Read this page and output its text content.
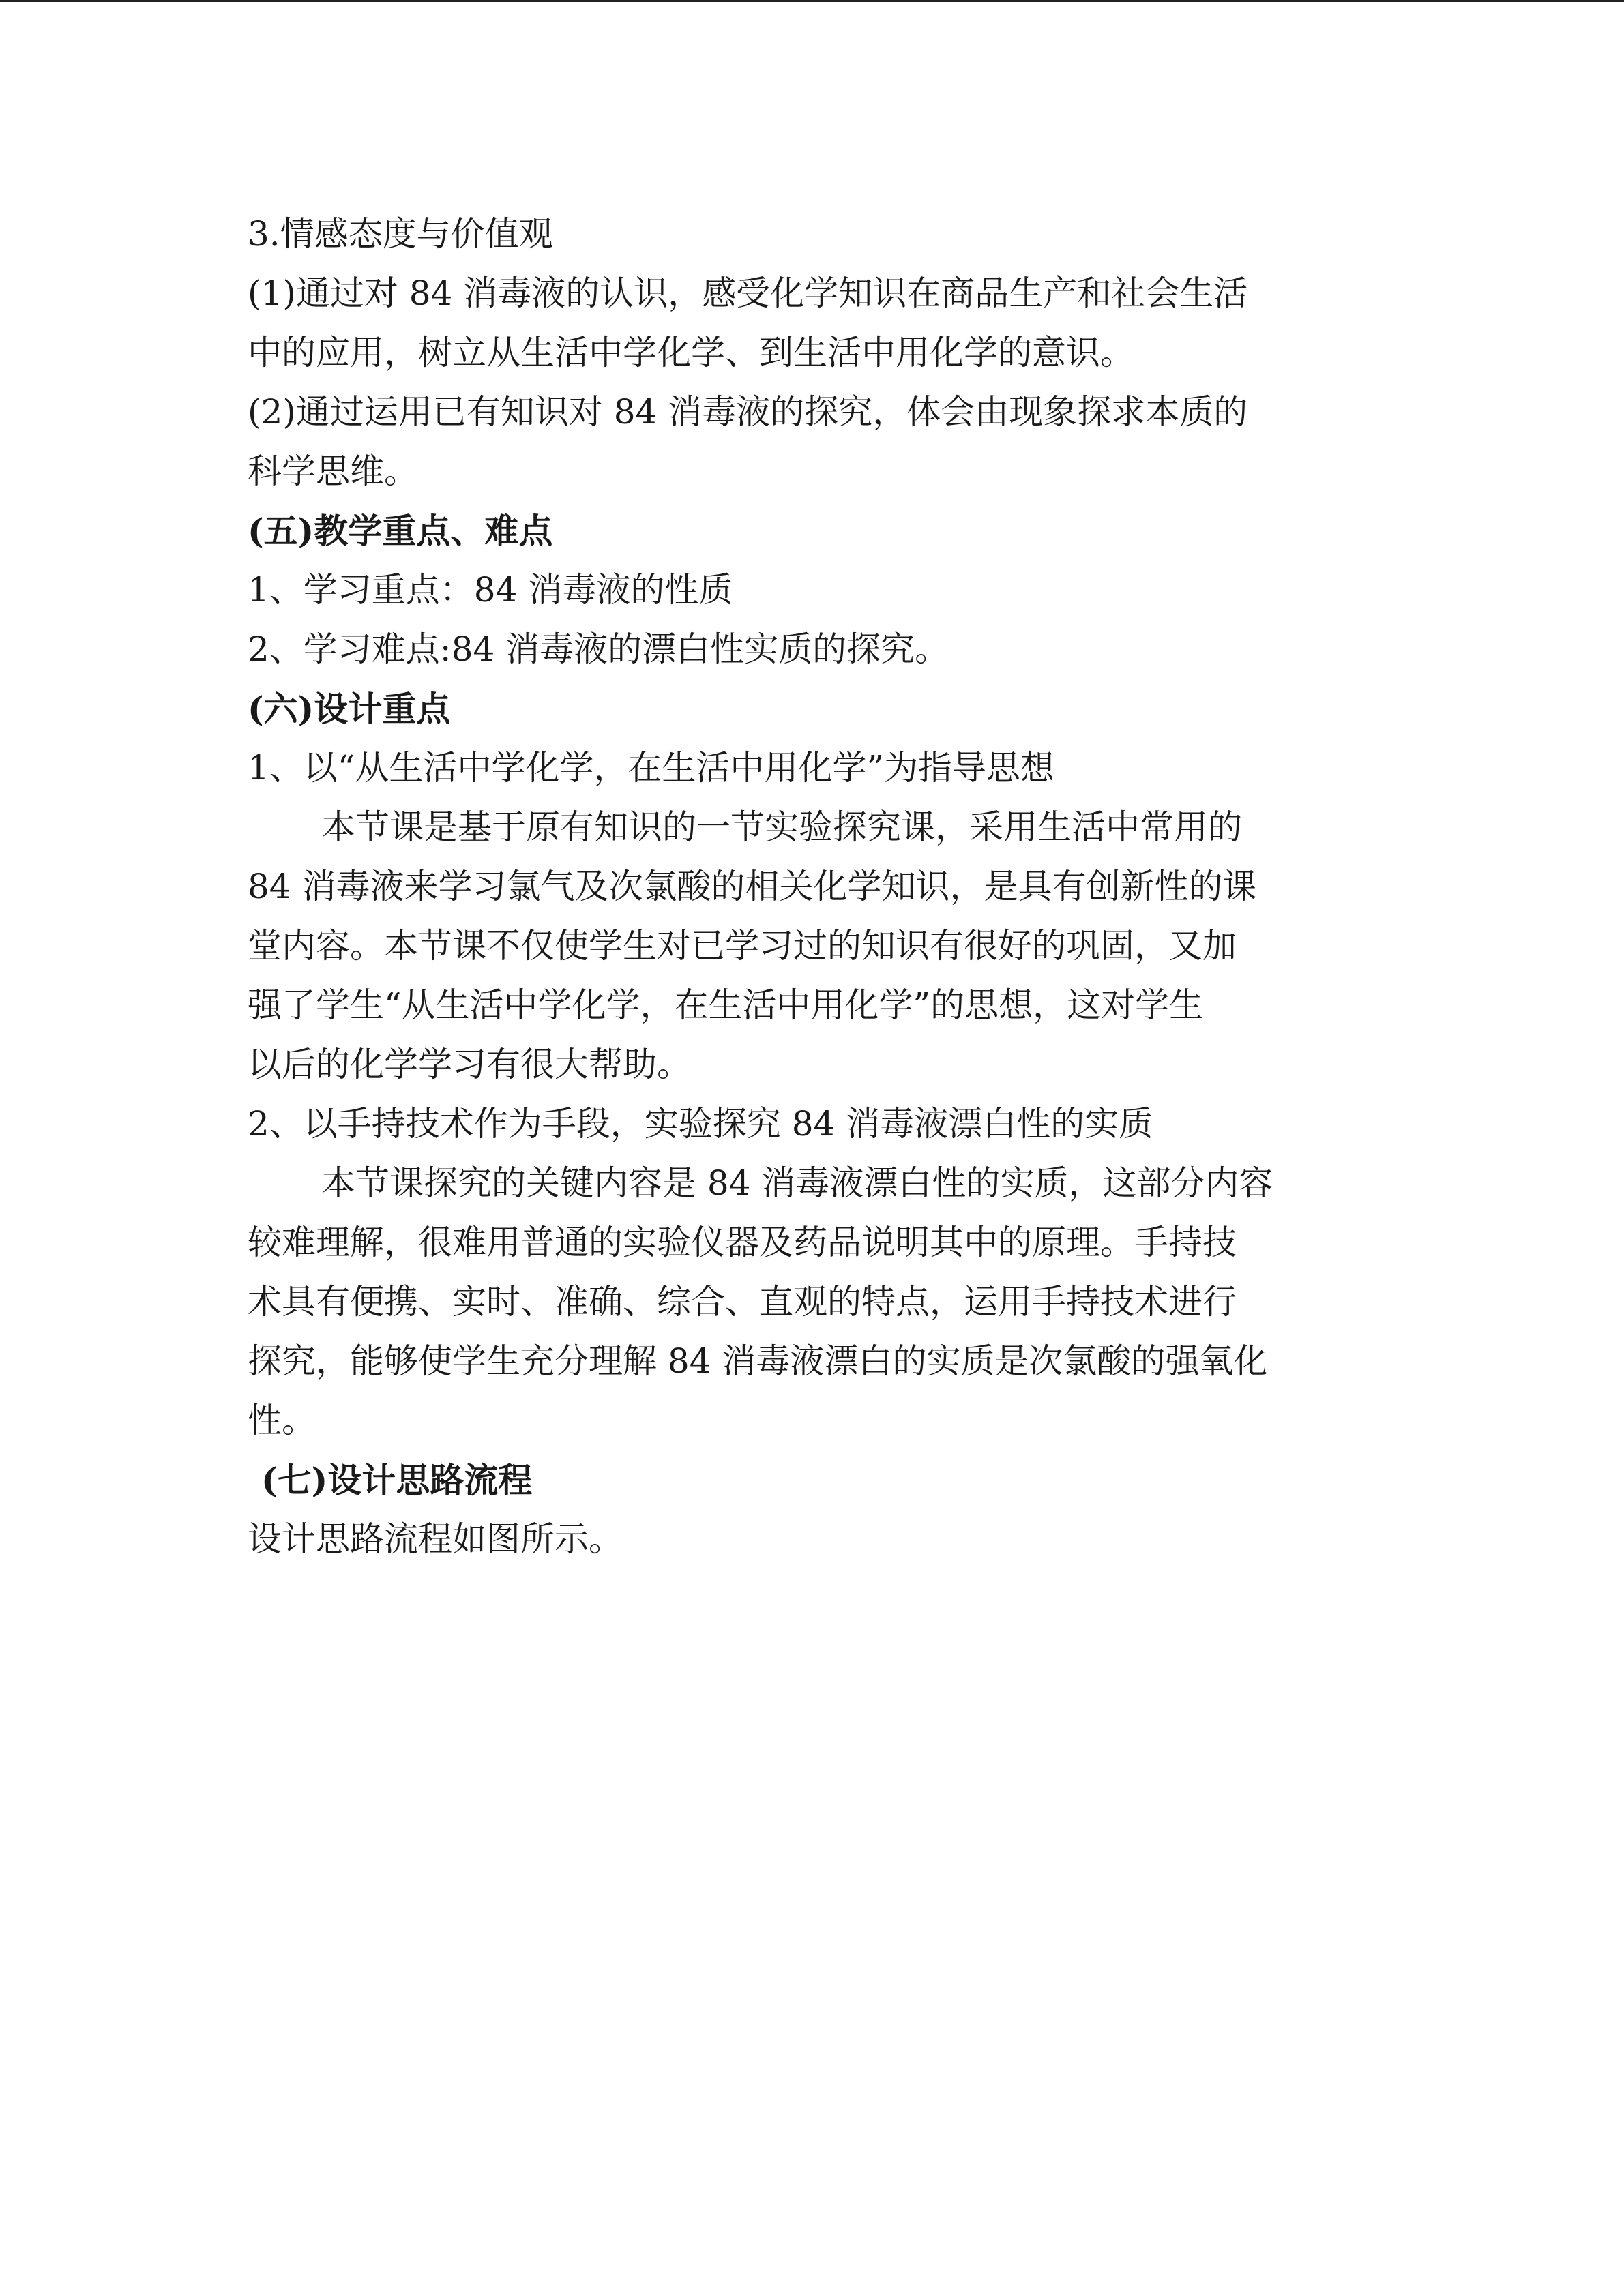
3.情感态度与价值观
(1)通过对 84 消毒液的认识，感受化学知识在商品生产和社会生活
中的应用，树立从生活中学化学、到生活中用化学的意识。
(2)通过运用已有知识对 84 消毒液的探究，体会由现象探求本质的
科学思维。
(五)教学重点、难点
1、学习重点：84 消毒液的性质
2、学习难点:84 消毒液的漂白性实质的探究。
(六)设计重点
1、以“从生活中学化学，在生活中用化学”为指导思想
本节课是基于原有知识的一节实验探究课，采用生活中常用的
84 消毒液来学习氯气及次氯酸的相关化学知识，是具有创新性的课
堂内容。本节课不仅使学生对已学习过的知识有很好的巩固，又加
强了学生“从生活中学化学，在生活中用化学”的思想，这对学生
以后的化学学习有很大帮助。
2、以手持技术作为手段，实验探究 84 消毒液漂白性的实质
本节课探究的关键内容是 84 消毒液漂白性的实质，这部分内容
较难理解，很难用普通的实验仪器及药品说明其中的原理。手持技
术具有便携、实时、准确、综合、直观的特点，运用手持技术进行
探究，能够使学生充分理解 84 消毒液漂白的实质是次氯酸的强氧化
性。
(七)设计思路流程
设计思路流程如图所示。
